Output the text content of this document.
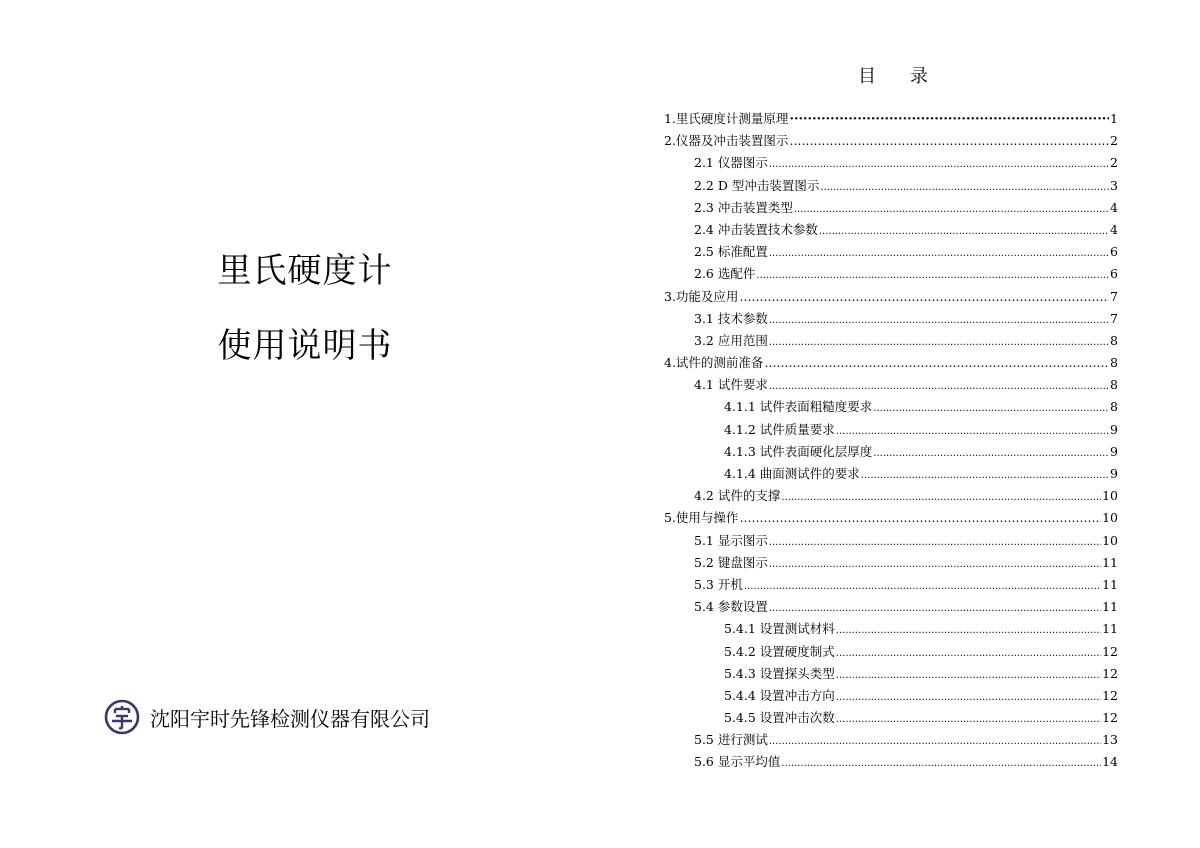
里氏硬度计
使用说明书
沈阳宇时先锋检测仪器有限公司
目 录
1.里氏硬度计测量原理 ·····	1
2.仪器及冲击装置图示 ……………………………………………………………………………………………………………………………………………	2
2.1 仪器图示 .....	2
2.2 D 型冲击装置图示 .....	3
2.3 冲击装置类型 .....	4
2.4 冲击装置技术参数 .....	4
2.5 标准配置 .....	6
2.6 选配件 .....	6
3.功能及应用 ……………………………………………………………………………………………………………………………………………	7
3.1 技术参数 .....	7
3.2 应用范围 .....	8
4.试件的测前准备 ……………………………………………………………………………………………………………………………………………	8
4.1 试件要求 .....	8
4.1.1 试件表面粗糙度要求 .....	8
4.1.2 试件质量要求 .....	9
4.1.3 试件表面硬化层厚度 .....	9
4.1.4 曲面测试件的要求 .....	9
4.2 试件的支撑 .....	10
5.使用与操作 ……………………………………………………………………………………………………………………………………………	10
5.1 显示图示 .....	10
5.2 键盘图示 .....	11
5.3 开机 .....	11
5.4 参数设置 .....	11
5.4.1 设置测试材料 .....	11
5.4.2 设置硬度制式 .....	12
5.4.3 设置探头类型 .....	12
5.4.4 设置冲击方向 .....	12
5.4.5 设置冲击次数 .....	12
5.5 进行测试 .....	13
5.6 显示平均值 .....	14
